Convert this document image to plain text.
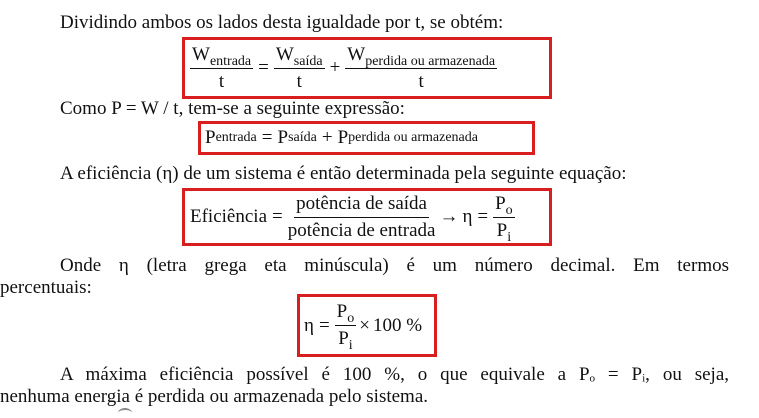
Dividindo ambos os lados desta igualdade por t, se obtém:
$\frac{W_{entrada}}{t} = \frac{W_{saída}}{t} + \frac{W_{perdida ou armazenada}}{t}$
Como P = W / t, tem-se a seguinte expressão:
P entrada = P saída + P perdida ou armazenada
A eficiência (η) de um sistema é então determinada pela seguinte equação:
Eficiência = $\frac{\text{potência de saída}}{\text{potência de entrada}} \to \eta = \frac{P_o}{P_i}$
Onde η (letra grega eta minúscula) é um número decimal. Em termos
percentuais:
$\eta = \frac{P_o}{P_i} \times 100$ %
A máxima eficiência possível é 100 %, o que equivale a Pₒ = Pᵢ, ou seja,
nenhuma energia é perdida ou armazenada pelo sistema.
